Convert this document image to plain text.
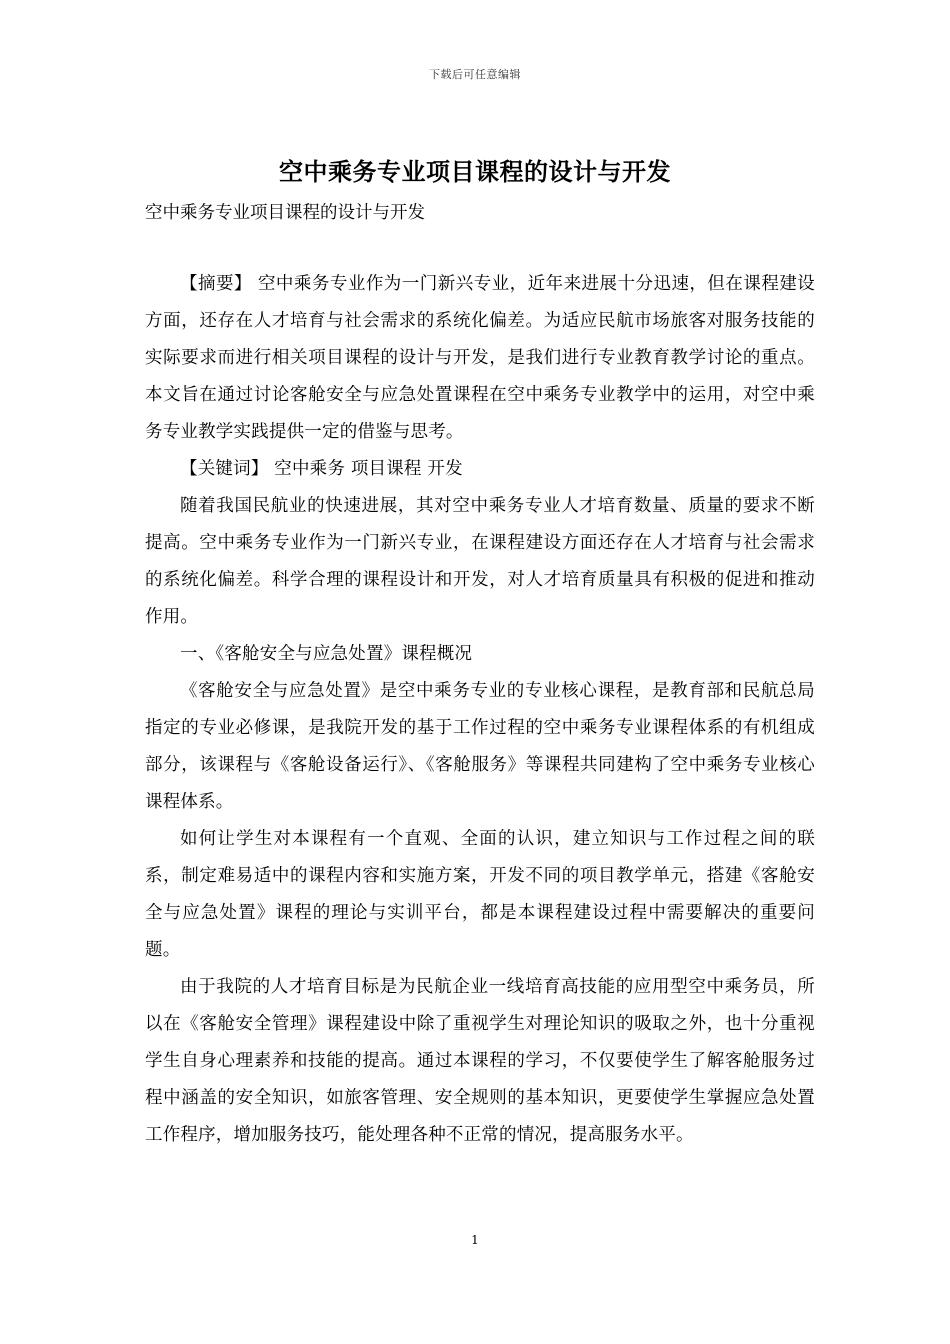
下载后可任意编辑
空中乘务专业项目课程的设计与开发

空中乘务专业项目课程的设计与开发

【摘要】 空中乘务专业作为一门新兴专业，近年来进展十分迅速，但在课程建设方面，还存在人才培育与社会需求的系统化偏差。为适应民航市场旅客对服务技能的实际要求而进行相关项目课程的设计与开发，是我们进行专业教育教学讨论的重点。本文旨在通过讨论客舱安全与应急处置课程在空中乘务专业教学中的运用，对空中乘务专业教学实践提供一定的借鉴与思考。

【关键词】 空中乘务 项目课程 开发

随着我国民航业的快速进展，其对空中乘务专业人才培育数量、质量的要求不断提高。空中乘务专业作为一门新兴专业，在课程建设方面还存在人才培育与社会需求的系统化偏差。科学合理的课程设计和开发，对人才培育质量具有积极的促进和推动作用。

一、《客舱安全与应急处置》课程概况

《客舱安全与应急处置》是空中乘务专业的专业核心课程，是教育部和民航总局指定的专业必修课，是我院开发的基于工作过程的空中乘务专业课程体系的有机组成部分，该课程与《客舱设备运行》、《客舱服务》等课程共同建构了空中乘务专业核心课程体系。

如何让学生对本课程有一个直观、全面的认识，建立知识与工作过程之间的联系，制定难易适中的课程内容和实施方案，开发不同的项目教学单元，搭建《客舱安全与应急处置》课程的理论与实训平台，都是本课程建设过程中需要解决的重要问题。

由于我院的人才培育目标是为民航企业一线培育高技能的应用型空中乘务员，所以在《客舱安全管理》课程建设中除了重视学生对理论知识的吸取之外，也十分重视学生自身心理素养和技能的提高。通过本课程的学习，不仅要使学生了解客舱服务过程中涵盖的安全知识，如旅客管理、安全规则的基本知识，更要使学生掌握应急处置工作程序，增加服务技巧，能处理各种不正常的情况，提高服务水平。

1
